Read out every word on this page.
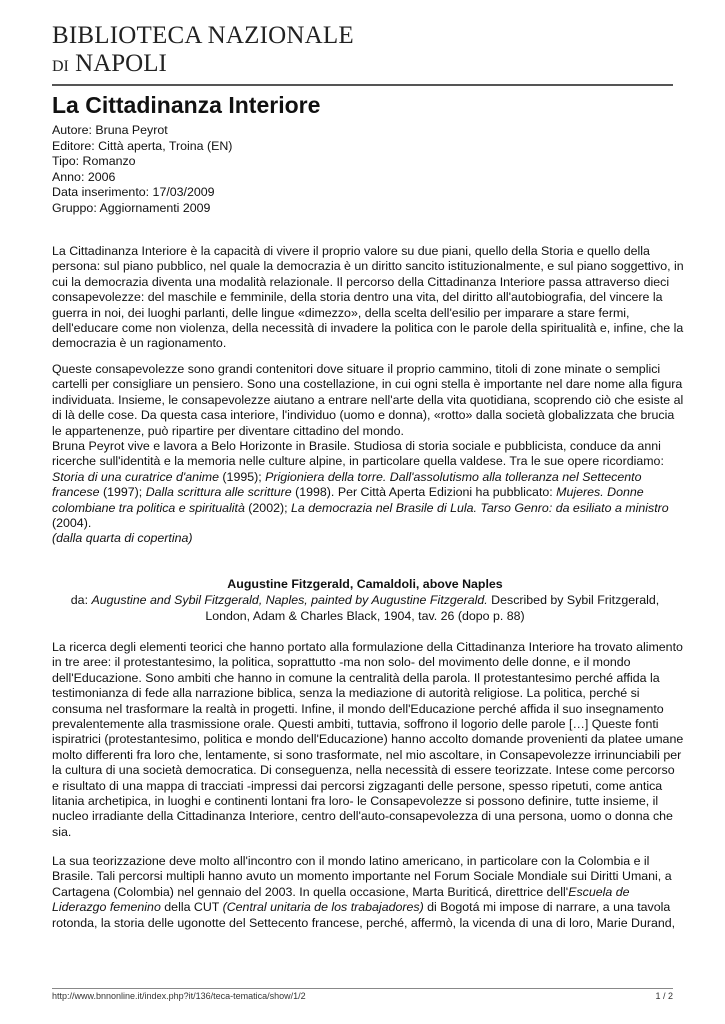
BIBLIOTECA NAZIONALE
DI NAPOLI
La Cittadinanza Interiore
Autore: Bruna Peyrot
Editore: Città aperta, Troina (EN)
Tipo: Romanzo
Anno: 2006
Data inserimento: 17/03/2009
Gruppo: Aggiornamenti 2009
La Cittadinanza Interiore è la capacità di vivere il proprio valore su due piani, quello della Storia e quello della
persona: sul piano pubblico, nel quale la democrazia è un diritto sancito istituzionalmente, e sul piano soggettivo, in
cui la democrazia diventa una modalità relazionale. Il percorso della Cittadinanza Interiore passa attraverso dieci
consapevolezze: del maschile e femminile, della storia dentro una vita, del diritto all'autobiografia, del vincere la
guerra in noi, dei luoghi parlanti, delle lingue «dimezzo», della scelta dell'esilio per imparare a stare fermi,
dell'educare come non violenza, della necessità di invadere la politica con le parole della spiritualità e, infine, che la
democrazia è un ragionamento.
Queste consapevolezze sono grandi contenitori dove situare il proprio cammino, titoli di zone minate o semplici
cartelli per consigliare un pensiero. Sono una costellazione, in cui ogni stella è importante nel dare nome alla figura
individuata. Insieme, le consapevolezze aiutano a entrare nell'arte della vita quotidiana, scoprendo ciò che esiste al
di là delle cose. Da questa casa interiore, l'individuo (uomo e donna), «rotto» dalla società globalizzata che brucia
le appartenenze, può ripartire per diventare cittadino del mondo.
Bruna Peyrot vive e lavora a Belo Horizonte in Brasile. Studiosa di storia sociale e pubblicista, conduce da anni
ricerche sull'identità e la memoria nelle culture alpine, in particolare quella valdese. Tra le sue opere ricordiamo:
Storia di una curatrice d'anime (1995); Prigioniera della torre. Dall'assolutismo alla tolleranza nel Settecento
francese (1997); Dalla scrittura alle scritture (1998). Per Città Aperta Edizioni ha pubblicato: Mujeres. Donne
colombiane tra politica e spiritualità (2002); La democrazia nel Brasile di Lula. Tarso Genro: da esiliato a ministro
(2004).
(dalla quarta di copertina)
Augustine Fitzgerald, Camaldoli, above Naples
da: Augustine and Sybil Fitzgerald, Naples, painted by Augustine Fitzgerald. Described by Sybil Fritzgerald,
London, Adam & Charles Black, 1904, tav. 26 (dopo p. 88)
La ricerca degli elementi teorici che hanno portato alla formulazione della Cittadinanza Interiore ha trovato alimento
in tre aree: il protestantesimo, la politica, soprattutto -ma non solo- del movimento delle donne, e il mondo
dell'Educazione. Sono ambiti che hanno in comune la centralità della parola. Il protestantesimo perché affida la
testimonianza di fede alla narrazione biblica, senza la mediazione di autorità religiose. La politica, perché si
consuma nel trasformare la realtà in progetti. Infine, il mondo dell'Educazione perché affida il suo insegnamento
prevalentemente alla trasmissione orale. Questi ambiti, tuttavia, soffrono il logorio delle parole […] Queste fonti
ispiratrici (protestantesimo, politica e mondo dell'Educazione) hanno accolto domande provenienti da platee umane
molto differenti fra loro che, lentamente, si sono trasformate, nel mio ascoltare, in Consapevolezze irrinunciabili per
la cultura di una società democratica. Di conseguenza, nella necessità di essere teorizzate. Intese come percorso
e risultato di una mappa di tracciati -impressi dai percorsi zigzaganti delle persone, spesso ripetuti, come antica
litania archetipica, in luoghi e continenti lontani fra loro- le Consapevolezze si possono definire, tutte insieme, il
nucleo irradiante della Cittadinanza Interiore, centro dell'auto-consapevolezza di una persona, uomo o donna che
sia.
La sua teorizzazione deve molto all'incontro con il mondo latino americano, in particolare con la Colombia e il
Brasile. Tali percorsi multipli hanno avuto un momento importante nel Forum Sociale Mondiale sui Diritti Umani, a
Cartagena (Colombia) nel gennaio del 2003. In quella occasione, Marta Buriticá, direttrice dell'Escuela de
Liderazgo femenino della CUT (Central unitaria de los trabajadores) di Bogotá mi impose di narrare, a una tavola
rotonda, la storia delle ugonotte del Settecento francese, perché, affermò, la vicenda di una di loro, Marie Durand,
http://www.bnnonline.it/index.php?it/136/teca-tematica/show/1/2	1 / 2
